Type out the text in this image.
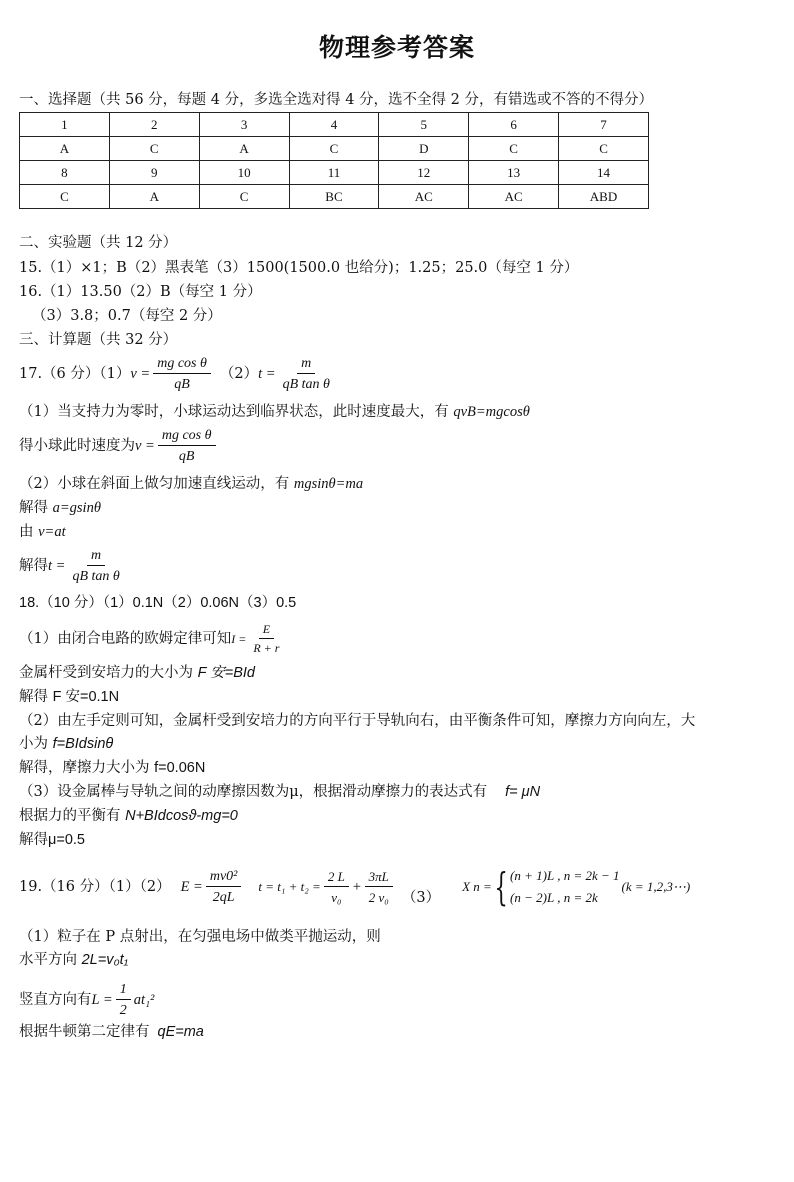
物理参考答案
一、选择题（共 56 分，每题 4 分，多选全选对得 4 分，选不全得 2 分，有错选或不答的不得分）
1	2	3	4	5	6	7
A	C	A	C	D	C	C
8	9	10	11	12	13	14
C	A	C	BC	AC	AC	ABD
二、实验题（共 12 分）
15.（1）×1；B（2）黑表笔（3）1500(1500.0 也给分)；1.25；25.0（每空 1 分）
16.（1）13.50（2）B（每空 1 分）
（3）3.8；0.7（每空 2 分）
三、计算题（共 32 分）
17.（6 分）（1） $v = \frac{\text{mg cos θ}}{qB} (2) t = \frac{m}{\text{qB tan θ}}$
（1）当支持力为零时，小球运动达到临界状态，此时速度最大，有 qvB=mgcosθ
得小球此时速度为 $v = \frac{\text{mg cos θ}}{qB}$
（2）小球在斜面上做匀加速直线运动，有 mgsinθ=ma
解得 a=gsinθ
由 v=at
解得 $t = \frac{m}{\text{qB tan θ}}$
18.（10 分）（1）0.1N（2）0.06N（3）0.5
（1）由闭合电路的欧姆定律可知 $I = \frac{E}{R + r}$
金属杆受到安培力的大小为 F 安=BId
解得 F 安=0.1N
（2）由左手定则可知，金属杆受到安培力的方向平行于导轨向右，由平衡条件可知，摩擦力方向向左，大
小为 f=BIdsinθ
解得，摩擦力大小为 f=0.06N
（3）设金属棒与导轨之间的动摩擦因数为μ，根据滑动摩擦力的表达式有 f= μN
根据力的平衡有 N+BIdcosϑ-mg=0
解得μ=0.5
19.（16 分）（1）（2） $E = \frac{\text{mv0²}}{2qL}$ $t = t_1 + t_2 = \frac{2 L}{\text{v₀}} + \frac{3\pi L}{\text{2 v₀}} (3)$
X n = { (n + 1)L , n = 2k − 1
(n − 2)L , n = 2k
(k = 1,2,3⋯)
（1）粒子在 P 点射出，在匀强电场中做类平抛运动，则
水平方向 2L=v₀t₁
竖直方向有 $L = \frac{1}{2} at_1^2$
根据牛顿第二定律有 qE=ma
